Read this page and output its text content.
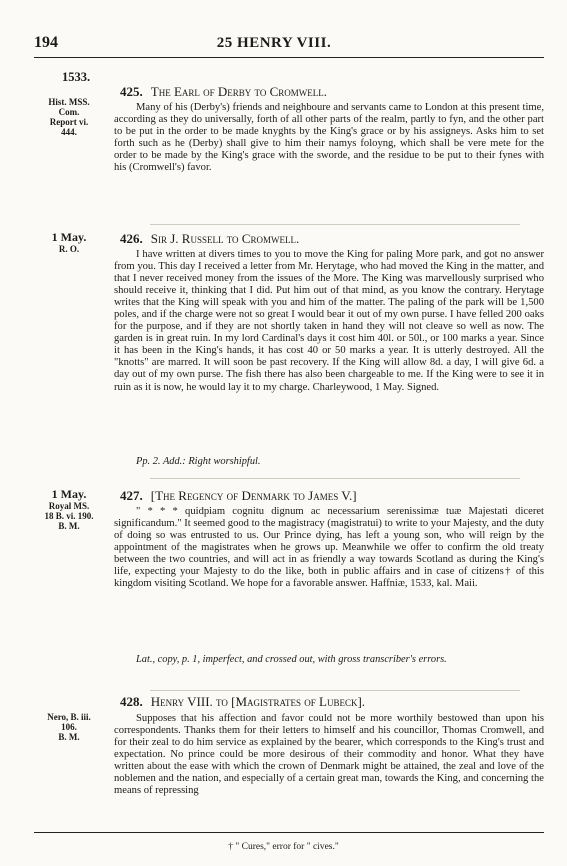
194	25 HENRY VIII.
1533.
Hist. MSS.
Com.
Report vi.
444.
425. The Earl of Derby to Cromwell.

Many of his (Derby's) friends and neighboure and servants came to London at this present time, according as they do universally, forth of all other parts of the realm, partly to fyn, and the other part to be put in the order to be made knyghts by the King's grace or by his assigneys. Asks him to set forth such as he (Derby) shall give to him their namys foloyng, which shall be vere mete for the order to be made by the King's grace with the sworde, and the residue to be put to their fynes with his (Cromwell's) favor.

1 May.
R. O.
426. Sir J. Russell to Cromwell.

I have written at divers times to you to move the King for paling More park, and got no answer from you. This day I received a letter from Mr. Herytage, who had moved the King in the matter, and that I never received money from the issues of the More. The King was marvellously surprised who should receive it, thinking that I did. Put him out of that mind, as you know the contrary. Herytage writes that the King will speak with you and him of the matter. The paling of the park will be 1,500 poles, and if the charge were not so great I would bear it out of my own purse. I have felled 200 oaks for the purpose, and if they are not shortly taken in hand they will not cleave so well as now. The garden is in great ruin. In my lord Cardinal's days it cost him 40l. or 50l., or 100 marks a year. Since it has been in the King's hands, it has cost 40 or 50 marks a year. It is utterly destroyed. All the "knotts" are marred. It will soon be past recovery. If the King will allow 8d. a day, I will give 6d. a day out of my own purse. The fish there has also been chargeable to me. If the King were to see it in ruin as it is now, he would lay it to my charge. Charleywood, 1 May. Signed.

Pp. 2. Add.: Right worshipful.

1 May.
Royal MS.
18 B. vi. 190.
B. M.
427. [The Regency of Denmark to James V.]

" * * * quidpiam cognitu dignum ac necessarium serenissimæ tuæ Majestati diceret significandum." It seemed good to the magistracy (magistratui) to write to your Majesty, and the duty of doing so was entrusted to us. Our Prince dying, has left a young son, who will reign by the appointment of the magistrates when he grows up. Meanwhile we offer to confirm the old treaty between the two countries, and will act in as friendly a way towards Scotland as during the King's life, expecting your Majesty to do the like, both in public affairs and in case of citizens† of this kingdom visiting Scotland. We hope for a favorable answer. Haffniæ, 1533, kal. Maii.

Lat., copy, p. 1, imperfect, and crossed out, with gross transcriber's errors.

Nero, B. iii.
106.
B. M.
428. Henry VIII. to [Magistrates of Lubeck].

Supposes that his affection and favor could not be more worthily bestowed than upon his correspondents. Thanks them for their letters to himself and his councillor, Thomas Cromwell, and for their zeal to do him service as explained by the bearer, which corresponds to the King's trust and expectation. No prince could be more desirous of their commodity and honor. What they have written about the ease with which the crown of Denmark might be attained, the zeal and love of the noblemen and the nation, and especially of a certain great man, towards the King, and concerning the means of repressing

† " Cures," error for " cives."
